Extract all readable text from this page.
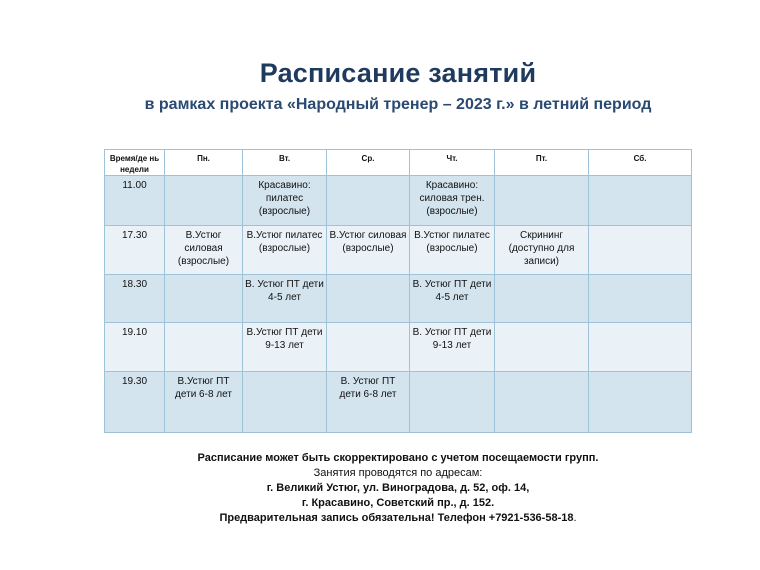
Расписание занятий
в рамках проекта «Народный тренер – 2023 г.» в летний период
Время/де нь недели	Пн.	Вт.	Ср.	Чт.	Пт.	Сб.
11.00		Красавино: пилатес (взрослые)		Красавино: силовая трен. (взрослые)		
17.30	В.Устюг силовая (взрослые)	В.Устюг пилатес (взрослые)	В.Устюг силовая (взрослые)	В.Устюг пилатес (взрослые)	Скрининг (доступно для записи)	
18.30		В. Устюг ПТ дети 4-5 лет		В. Устюг ПТ дети 4-5 лет		
19.10		В.Устюг ПТ дети 9-13 лет		В. Устюг ПТ дети 9-13 лет		
19.30	В.Устюг ПТ дети 6-8 лет		В. Устюг ПТ дети 6-8 лет			
Расписание может быть скорректировано с учетом посещаемости групп.
Занятия проводятся по адресам:
г. Великий Устюг, ул. Виноградова, д. 52, оф. 14,
г. Красавино, Советский пр., д. 152.
Предварительная запись обязательна! Телефон +7921-536-58-18.
